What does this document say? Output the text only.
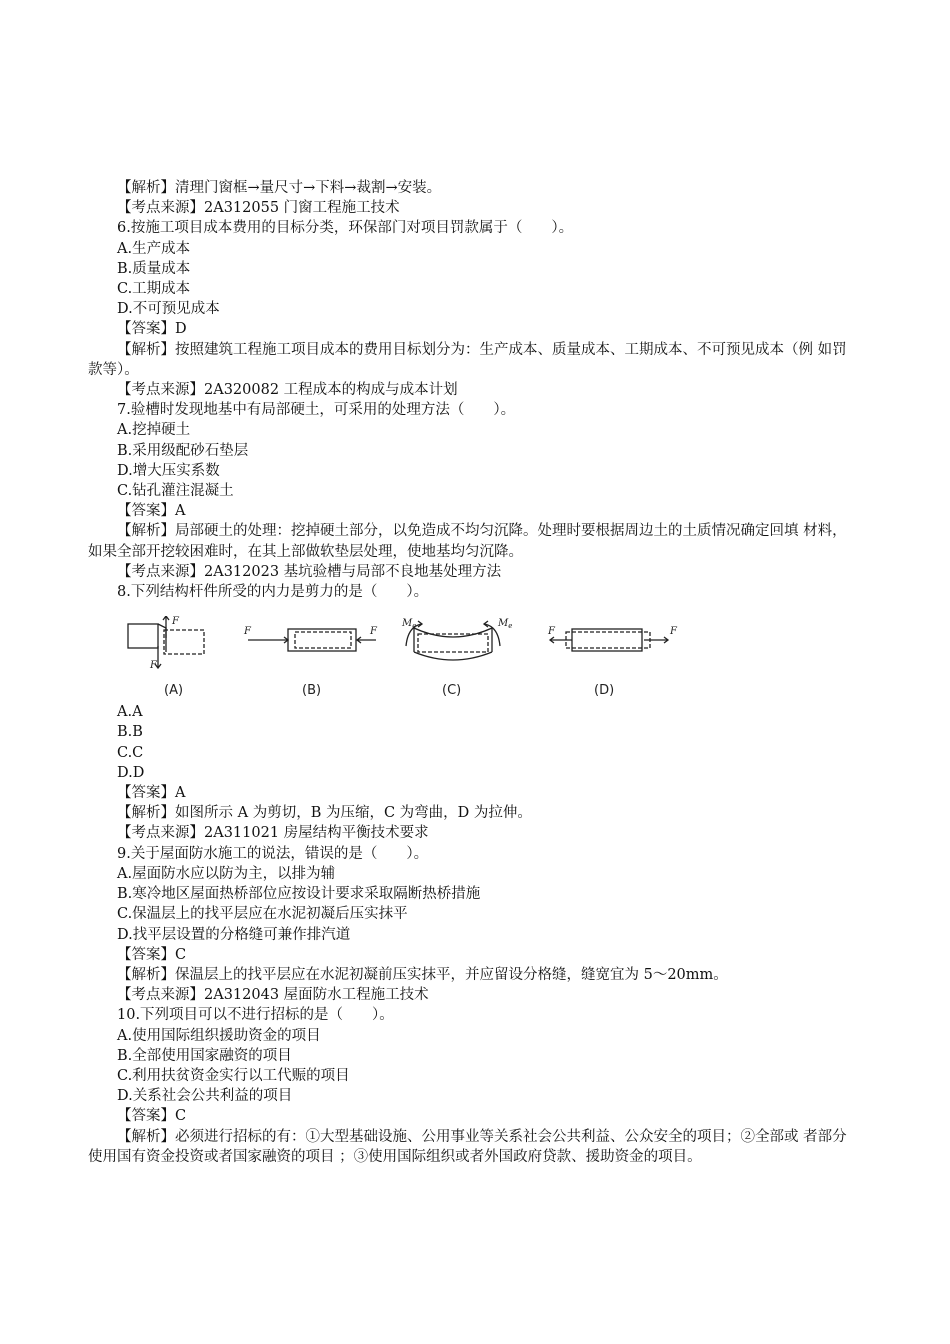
【解析】清理门窗框→量尺寸→下料→裁割→安装。
【考点来源】2A312055 门窗工程施工技术
6.按施工项目成本费用的目标分类，环保部门对项目罚款属于（　　）。
A.生产成本
B.质量成本
C.工期成本
D.不可预见成本
【答案】D
【解析】按照建筑工程施工项目成本的费用目标划分为：生产成本、质量成本、工期成本、不可预见成本（例 如罚款等）。
【考点来源】2A320082 工程成本的构成与成本计划
7.验槽时发现地基中有局部硬土，可采用的处理方法（　　）。
A.挖掉硬土
B.采用级配砂石垫层
D.增大压实系数
C.钻孔灌注混凝土
【答案】A
【解析】局部硬土的处理：挖掉硬土部分，以免造成不均匀沉降。处理时要根据周边土的土质情况确定回填 材料，如果全部开挖较困难时，在其上部做软垫层处理，使地基均匀沉降。
【考点来源】2A312023 基坑验槽与局部不良地基处理方法
8.下列结构杆件所受的内力是剪力的是（　　）。
F
F
F	F
$M_e$	$M_e$	F	F
(A)	(B)	(C)	(D)
A.A
B.B
C.C
D.D
【答案】A
【解析】如图所示 A 为剪切，B 为压缩，C 为弯曲，D 为拉伸。
【考点来源】2A311021 房屋结构平衡技术要求
9.关于屋面防水施工的说法，错误的是（　　）。
A.屋面防水应以防为主，以排为辅
B.寒冷地区屋面热桥部位应按设计要求采取隔断热桥措施
C.保温层上的找平层应在水泥初凝后压实抹平
D.找平层设置的分格缝可兼作排汽道
【答案】C
【解析】保温层上的找平层应在水泥初凝前压实抹平，并应留设分格缝，缝宽宜为 5～20mm。
【考点来源】2A312043 屋面防水工程施工技术
10.下列项目可以不进行招标的是（　　）。
A.使用国际组织援助资金的项目
B.全部使用国家融资的项目
C.利用扶贫资金实行以工代赈的项目
D.关系社会公共利益的项目
【答案】C
【解析】必须进行招标的有：①大型基础设施、公用事业等关系社会公共利益、公众安全的项目；②全部或 者部分使用国有资金投资或者国家融资的项目 ；③使用国际组织或者外国政府贷款、援助资金的项目。
